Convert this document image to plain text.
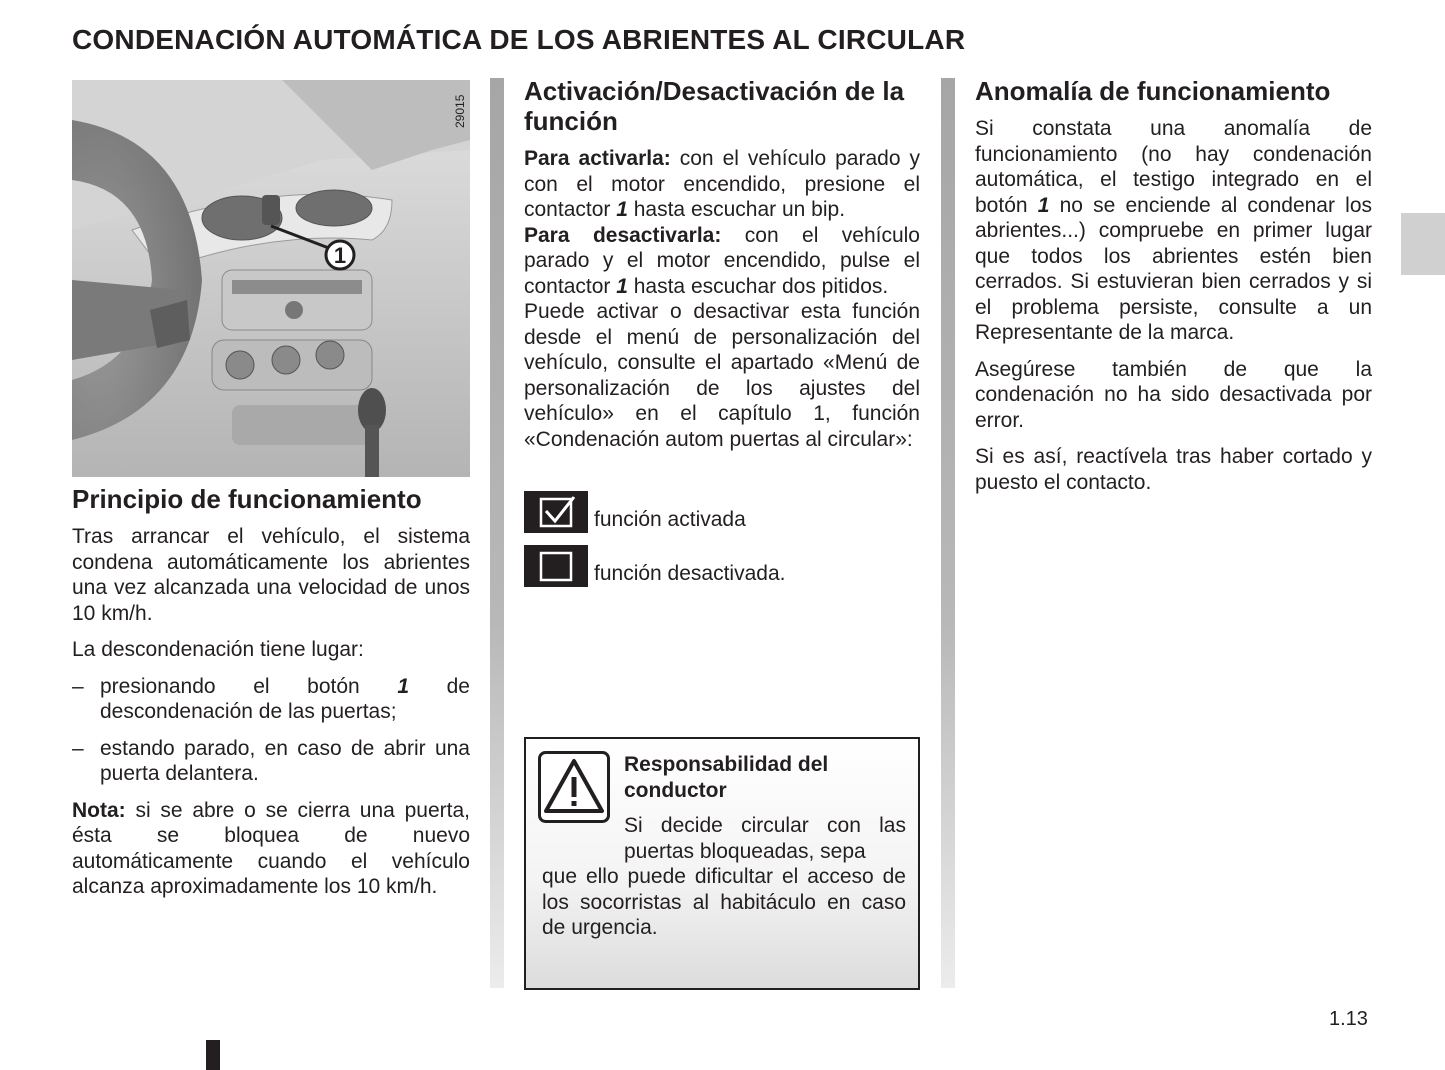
CONDENACIÓN AUTOMÁTICA DE LOS ABRIENTES AL CIRCULAR
1
29015
Principio de funcionamiento

Tras arrancar el vehículo, el sistema condena automáticamente los abrientes una vez alcanzada una velocidad de unos 10 km/h.

La descondenación tiene lugar:

– presionando el botón 1 de descondenación de las puertas;

– estando parado, en caso de abrir una puerta delantera.

Nota: si se abre o se cierra una puerta, ésta se bloquea de nuevo automáticamente cuando el vehículo alcanza aproximadamente los 10 km/h.

Activación/Desactivación de la función

Para activarla: con el vehículo parado y con el motor encendido, presione el contactor 1 hasta escuchar un bip.

Para desactivarla: con el vehículo parado y el motor encendido, pulse el contactor 1 hasta escuchar dos pitidos.

Puede activar o desactivar esta función desde el menú de personalización del vehículo, consulte el apartado «Menú de personalización de los ajustes del vehículo» en el capítulo 1, función «Condenación autom puertas al circular»:

función activada
función desactivada.
Responsabilidad del conductor
Si decide circular con las puertas bloqueadas, sepa
que ello puede dificultar el acceso de los socorristas al habitáculo en caso de urgencia.
Anomalía de funcionamiento

Si constata una anomalía de funcionamiento (no hay condenación automática, el testigo integrado en el botón 1 no se enciende al condenar los abrientes...) compruebe en primer lugar que todos los abrientes estén bien cerrados. Si estuvieran bien cerrados y si el problema persiste, consulte a un Representante de la marca.

Asegúrese también de que la condenación no ha sido desactivada por error.

Si es así, reactívela tras haber cortado y puesto el contacto.

1.13
